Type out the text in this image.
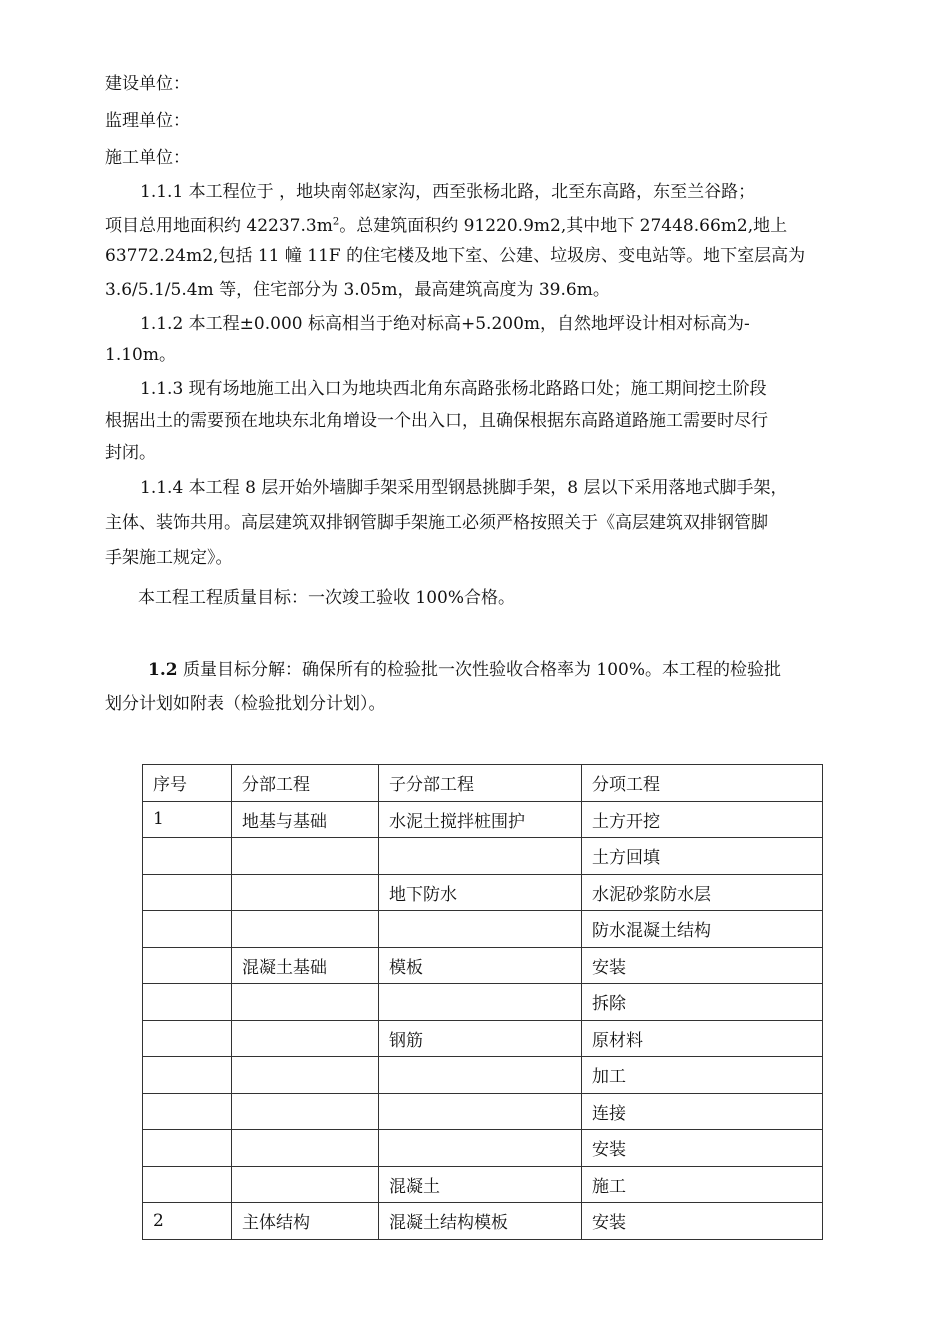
建设单位：
监理单位：
施工单位：
1.1.1 本工程位于 ，地块南邻赵家沟，西至张杨北路，北至东高路，东至兰谷路；
项目总用地面积约 $42237.3m^2$。总建筑面积约 91220.9m2,其中地下 27448.66m2,地上
63772.24m2,包括 11 幢 11F 的住宅楼及地下室、公建、垃圾房、变电站等。地下室层高为
3.6/5.1/5.4m 等，住宅部分为 3.05m，最高建筑高度为 39.6m。
1.1.2 本工程±0.000 标高相当于绝对标高+5.200m，自然地坪设计相对标高为-
1.10m。
1.1.3 现有场地施工出入口为地块西北角东高路张杨北路路口处；施工期间挖土阶段
根据出土的需要预在地块东北角增设一个出入口，且确保根据东高路道路施工需要时尽行
封闭。
1.1.4 本工程 8 层开始外墙脚手架采用型钢悬挑脚手架，8 层以下采用落地式脚手架，
主体、装饰共用。高层建筑双排钢管脚手架施工必须严格按照关于《高层建筑双排钢管脚
手架施工规定》。
本工程工程质量目标：一次竣工验收 100%合格。
1.2 质量目标分解：确保所有的检验批一次性验收合格率为 100%。本工程的检验批
划分计划如附表（检验批划分计划）。
序号	分部工程	子分部工程	分项工程
1	地基与基础	水泥土搅拌桩围护	土方开挖
			土方回填
		地下防水	水泥砂浆防水层
			防水混凝土结构
	混凝土基础	模板	安装
			拆除
		钢筋	原材料
			加工
			连接
			安装
		混凝土	施工
2	主体结构	混凝土结构模板	安装
